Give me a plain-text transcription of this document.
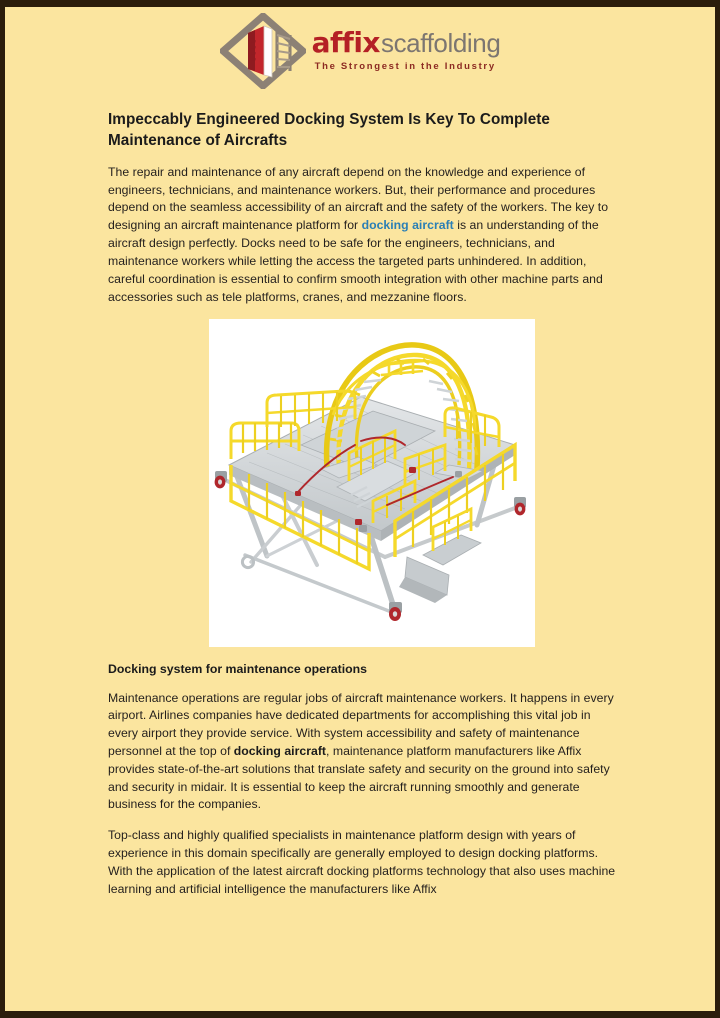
affix scaffolding
The Strongest in the Industry
Impeccably Engineered Docking System Is Key To Complete Maintenance of Aircrafts

The repair and maintenance of any aircraft depend on the knowledge and experience of engineers, technicians, and maintenance workers. But, their performance and procedures depend on the seamless accessibility of an aircraft and the safety of the workers. The key to designing an aircraft maintenance platform for docking aircraft is an understanding of the aircraft design perfectly. Docks need to be safe for the engineers, technicians, and maintenance workers while letting the access the targeted parts unhindered. In addition, careful coordination is essential to confirm smooth integration with other machine parts and accessories such as tele platforms, cranes, and mezzanine floors.

Docking system for maintenance operations

Maintenance operations are regular jobs of aircraft maintenance workers. It happens in every airport. Airlines companies have dedicated departments for accomplishing this vital job in every airport they provide service. With system accessibility and safety of maintenance personnel at the top of docking aircraft, maintenance platform manufacturers like Affix provides state-of-the-art solutions that translate safety and security on the ground into safety and security in midair. It is essential to keep the aircraft running smoothly and generate business for the companies.

Top-class and highly qualified specialists in maintenance platform design with years of experience in this domain specifically are generally employed to design docking platforms. With the application of the latest aircraft docking platforms technology that also uses machine learning and artificial intelligence the manufacturers like Affix
